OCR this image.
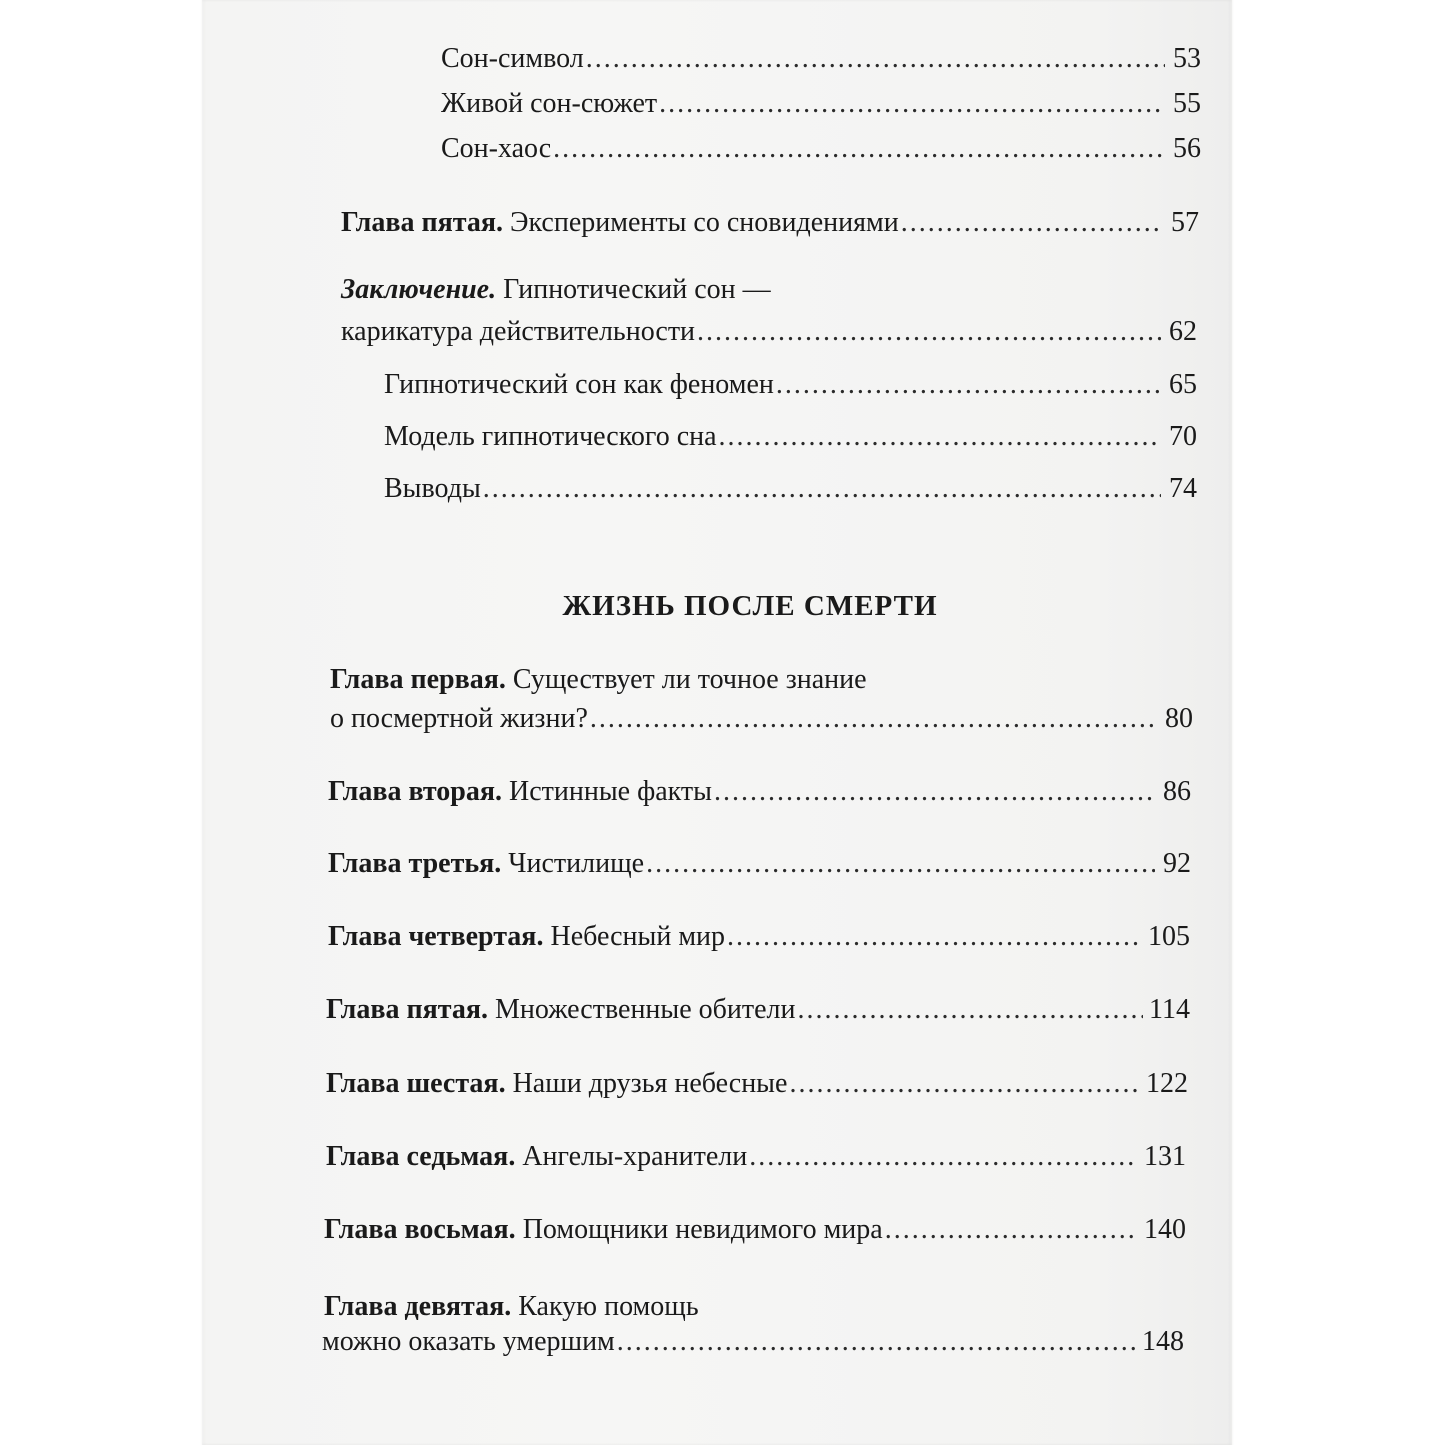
Сон-символ .....	53
Живой сон-сюжет .....	55
Сон-хаос .....	56
Глава пятая. Эксперименты со сновидениями .....	57
Заключение. Гипнотический сон —
карикатура действительности .....	62
Гипнотический сон как феномен .....	65
Модель гипнотического сна .....	70
Выводы .....	74
ЖИЗНЬ ПОСЛЕ СМЕРТИ
Глава первая. Существует ли точное знание
о посмертной жизни? .....	80
Глава вторая. Истинные факты .....	86
Глава третья. Чистилище .....	92
Глава четвертая. Небесный мир .....	105
Глава пятая. Множественные обители .....	114
Глава шестая. Наши друзья небесные .....	122
Глава седьмая. Ангелы-хранители .....	131
Глава восьмая. Помощники невидимого мира .....	140
Глава девятая. Какую помощь
можно оказать умершим .....	148
